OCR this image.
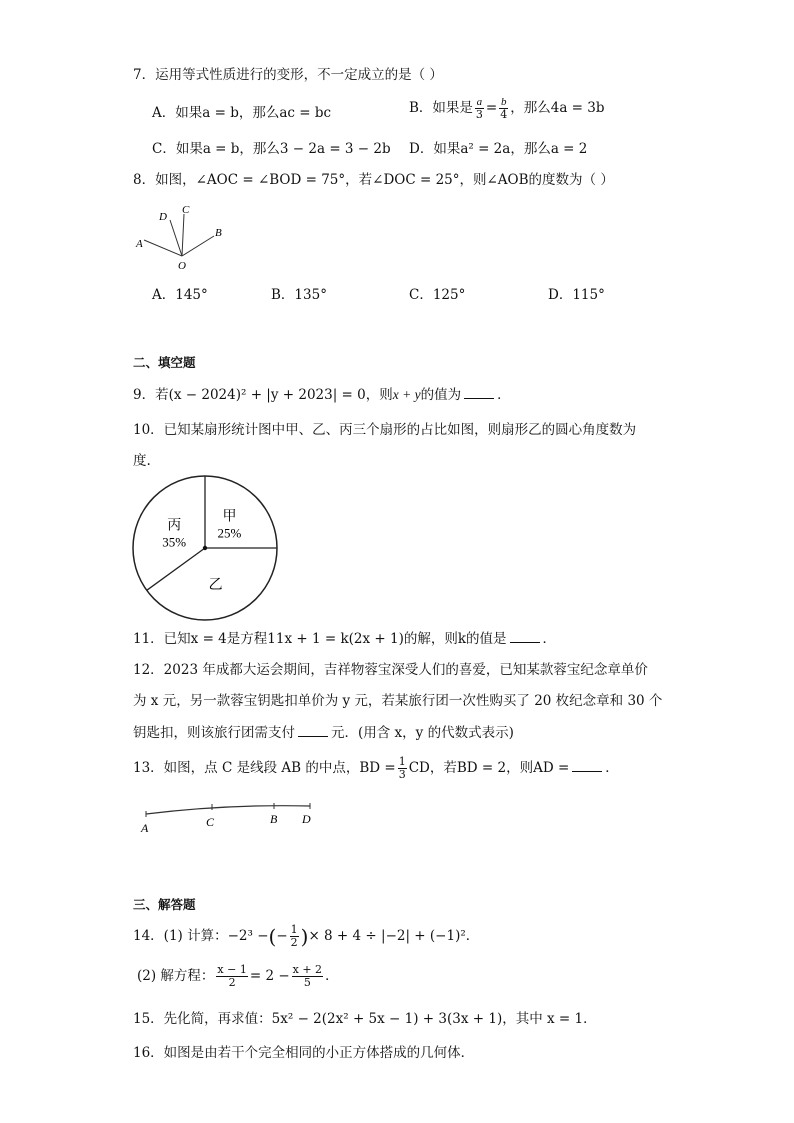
7．运用等式性质进行的变形，不一定成立的是（ ）
A．如果a = b，那么ac = bc	B．如果是 $\frac{a}{3} = \frac{b}{4}$ ，那么4a = 3b
C．如果a = b，那么3 − 2a = 3 − 2b D．如果a² = 2a，那么a = 2
8．如图，∠AOC = ∠BOD = 75°，若∠DOC = 25°，则∠AOB的度数为（ ）
D
C
B
A
O
A．145°	B．135°	C．125°	D．115°
二、填空题
9．若(x − 2024)² + |y + 2023| = 0，则x + y的值为	．
10．已知某扇形统计图中甲、乙、丙三个扇形的占比如图，则扇形乙的圆心角度数为
度.
甲
25%
乙
丙
35%
11．已知x = 4是方程11x + 1 = k(2x + 1)的解，则k的值是	．
12．2023 年成都大运会期间，吉祥物蓉宝深受人们的喜爱，已知某款蓉宝纪念章单价
为 x 元，另一款蓉宝钥匙扣单价为 y 元，若某旅行团一次性购买了 20 枚纪念章和 30 个
钥匙扣，则该旅行团需支付	元．(用含 x，y 的代数式表示)
13．如图，点 C 是线段 AB 的中点，BD = $\frac{1}{3}$ CD，若BD = 2，则AD =	．
A	C	B D
三、解答题
14．(1) 计算：−2³ −(− $\frac{1}{2}$ )× 8 + 4 ÷ |−2| + (−1)²．
(2) 解方程： $\frac{x - 1}{2} = 2 - \frac{x + 2}{5}$ ．
15．先化简，再求值：5x² − 2(2x² + 5x − 1) + 3(3x + 1)，其中 x = 1．
16．如图是由若干个完全相同的小正方体搭成的几何体．
